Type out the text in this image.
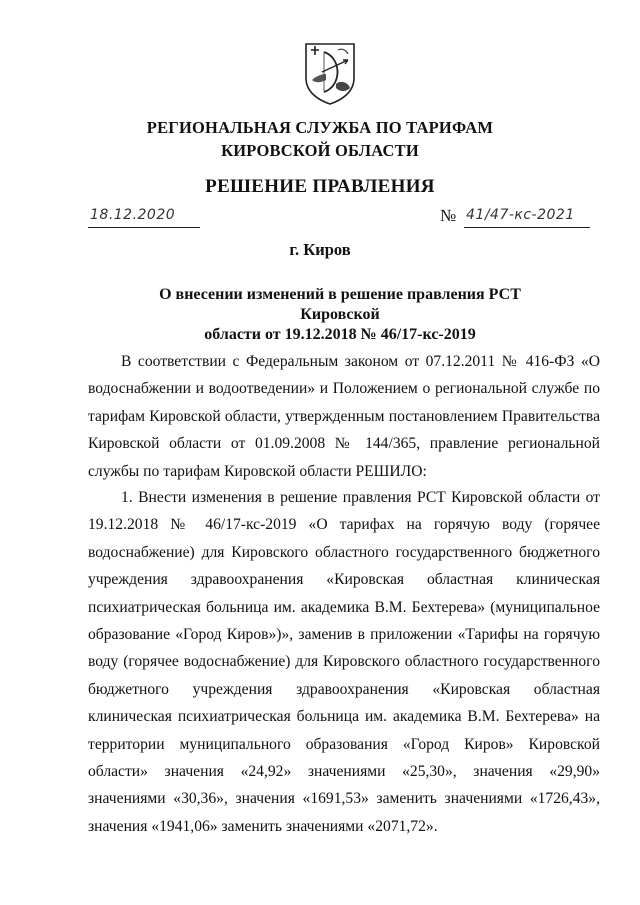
РЕГИОНАЛЬНАЯ СЛУЖБА ПО ТАРИФАМ
КИРОВСКОЙ ОБЛАСТИ
РЕШЕНИЕ ПРАВЛЕНИЯ
18.12.2020	№ 41/47-кс-2021
г. Киров
О внесении изменений в решение правления РСТ Кировской
области от 19.12.2018 № 46/17-кс-2019
В соответствии с Федеральным законом от 07.12.2011 № 416-ФЗ «О водоснабжении и водоотведении» и Положением о региональной службе по тарифам Кировской области, утвержденным постановлением Правительства Кировской области от 01.09.2008 № 144/365, правление региональной службы по тарифам Кировской области РЕШИЛО:
1. Внести изменения в решение правления РСТ Кировской области от 19.12.2018 № 46/17-кс-2019 «О тарифах на горячую воду (горячее водоснабжение) для Кировского областного государственного бюджетного учреждения здравоохранения «Кировская областная клиническая психиатрическая больница им. академика В.М. Бехтерева» (муниципальное образование «Город Киров»)», заменив в приложении «Тарифы на горячую воду (горячее водоснабжение) для Кировского областного государственного бюджетного учреждения здравоохранения «Кировская областная клиническая психиатрическая больница им. академика В.М. Бехтерева» на территории муниципального образования «Город Киров» Кировской области» значения «24,92» значениями «25,30», значения «29,90» значениями «30,36», значения «1691,53» заменить значениями «1726,43», значения «1941,06» заменить значениями «2071,72».
